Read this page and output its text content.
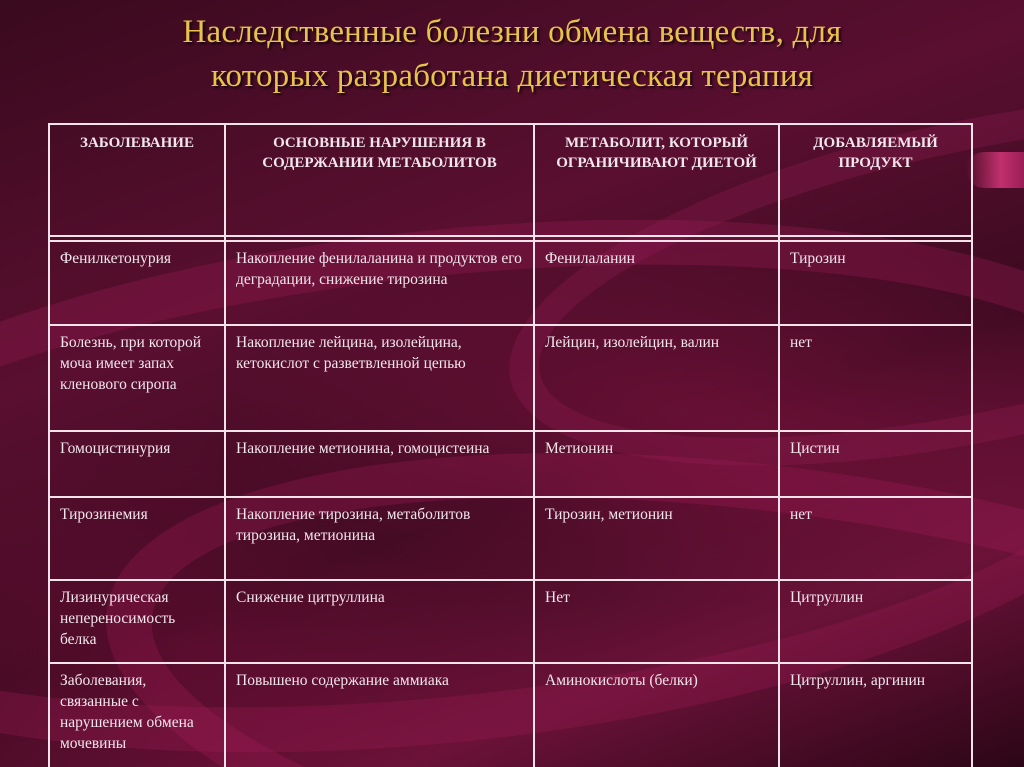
Наследственные болезни обмена веществ, для
которых разработана диетическая терапия
ЗАБОЛЕВАНИЕ	ОСНОВНЫЕ НАРУШЕНИЯ В СОДЕРЖАНИИ МЕТАБОЛИТОВ	МЕТАБОЛИТ, КОТОРЫЙ ОГРАНИЧИВАЮТ ДИЕТОЙ	ДОБАВЛЯЕМЫЙ ПРОДУКТ

Фенилкетонурия	Накопление фенилаланина и продуктов его деградации, снижение тирозина	Фенилаланин	Тирозин
Болезнь, при которой моча имеет запах кленового сиропа	Накопление лейцина, изолейцина, кетокислот с разветвленной цепью	Лейцин, изолейцин, валин	нет
Гомоцистинурия	Накопление метионина, гомоцистеина	Метионин	Цистин
Тирозинемия	Накопление тирозина, метаболитов тирозина, метионина	Тирозин, метионин	нет
Лизинурическая непереносимость белка	Снижение цитруллина	Нет	Цитруллин
Заболевания, связанные с нарушением обмена мочевины	Повышено содержание аммиака	Аминокислоты (белки)	Цитруллин, аргинин
